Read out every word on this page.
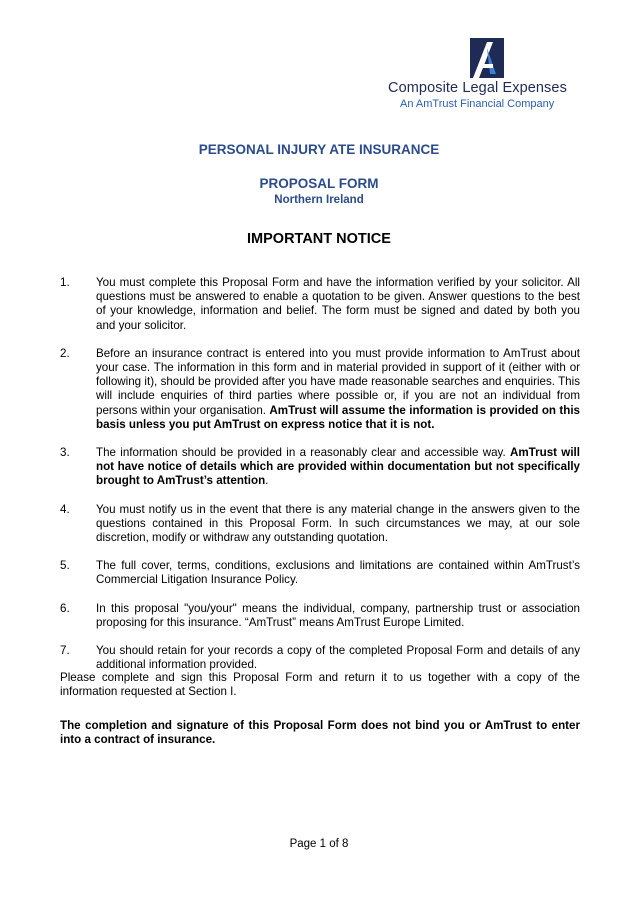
Composite Legal Expenses
An AmTrust Financial Company
PERSONAL INJURY ATE INSURANCE
PROPOSAL FORM
Northern Ireland
IMPORTANT NOTICE
1. You must complete this Proposal Form and have the information verified by your solicitor. All questions must be answered to enable a quotation to be given. Answer questions to the best of your knowledge, information and belief. The form must be signed and dated by both you and your solicitor.
2. Before an insurance contract is entered into you must provide information to AmTrust about your case. The information in this form and in material provided in support of it (either with or following it), should be provided after you have made reasonable searches and enquiries. This will include enquiries of third parties where possible or, if you are not an individual from persons within your organisation. AmTrust will assume the information is provided on this basis unless you put AmTrust on express notice that it is not.
3. The information should be provided in a reasonably clear and accessible way. AmTrust will not have notice of details which are provided within documentation but not specifically brought to AmTrust’s attention.
4. You must notify us in the event that there is any material change in the answers given to the questions contained in this Proposal Form. In such circumstances we may, at our sole discretion, modify or withdraw any outstanding quotation.
5. The full cover, terms, conditions, exclusions and limitations are contained within AmTrust’s Commercial Litigation Insurance Policy.
6. In this proposal "you/your" means the individual, company, partnership trust or association proposing for this insurance. “AmTrust” means AmTrust Europe Limited.
7. You should retain for your records a copy of the completed Proposal Form and details of any additional information provided.
Please complete and sign this Proposal Form and return it to us together with a copy of the information requested at Section I.
The completion and signature of this Proposal Form does not bind you or AmTrust to enter into a contract of insurance.
Page 1 of 8
